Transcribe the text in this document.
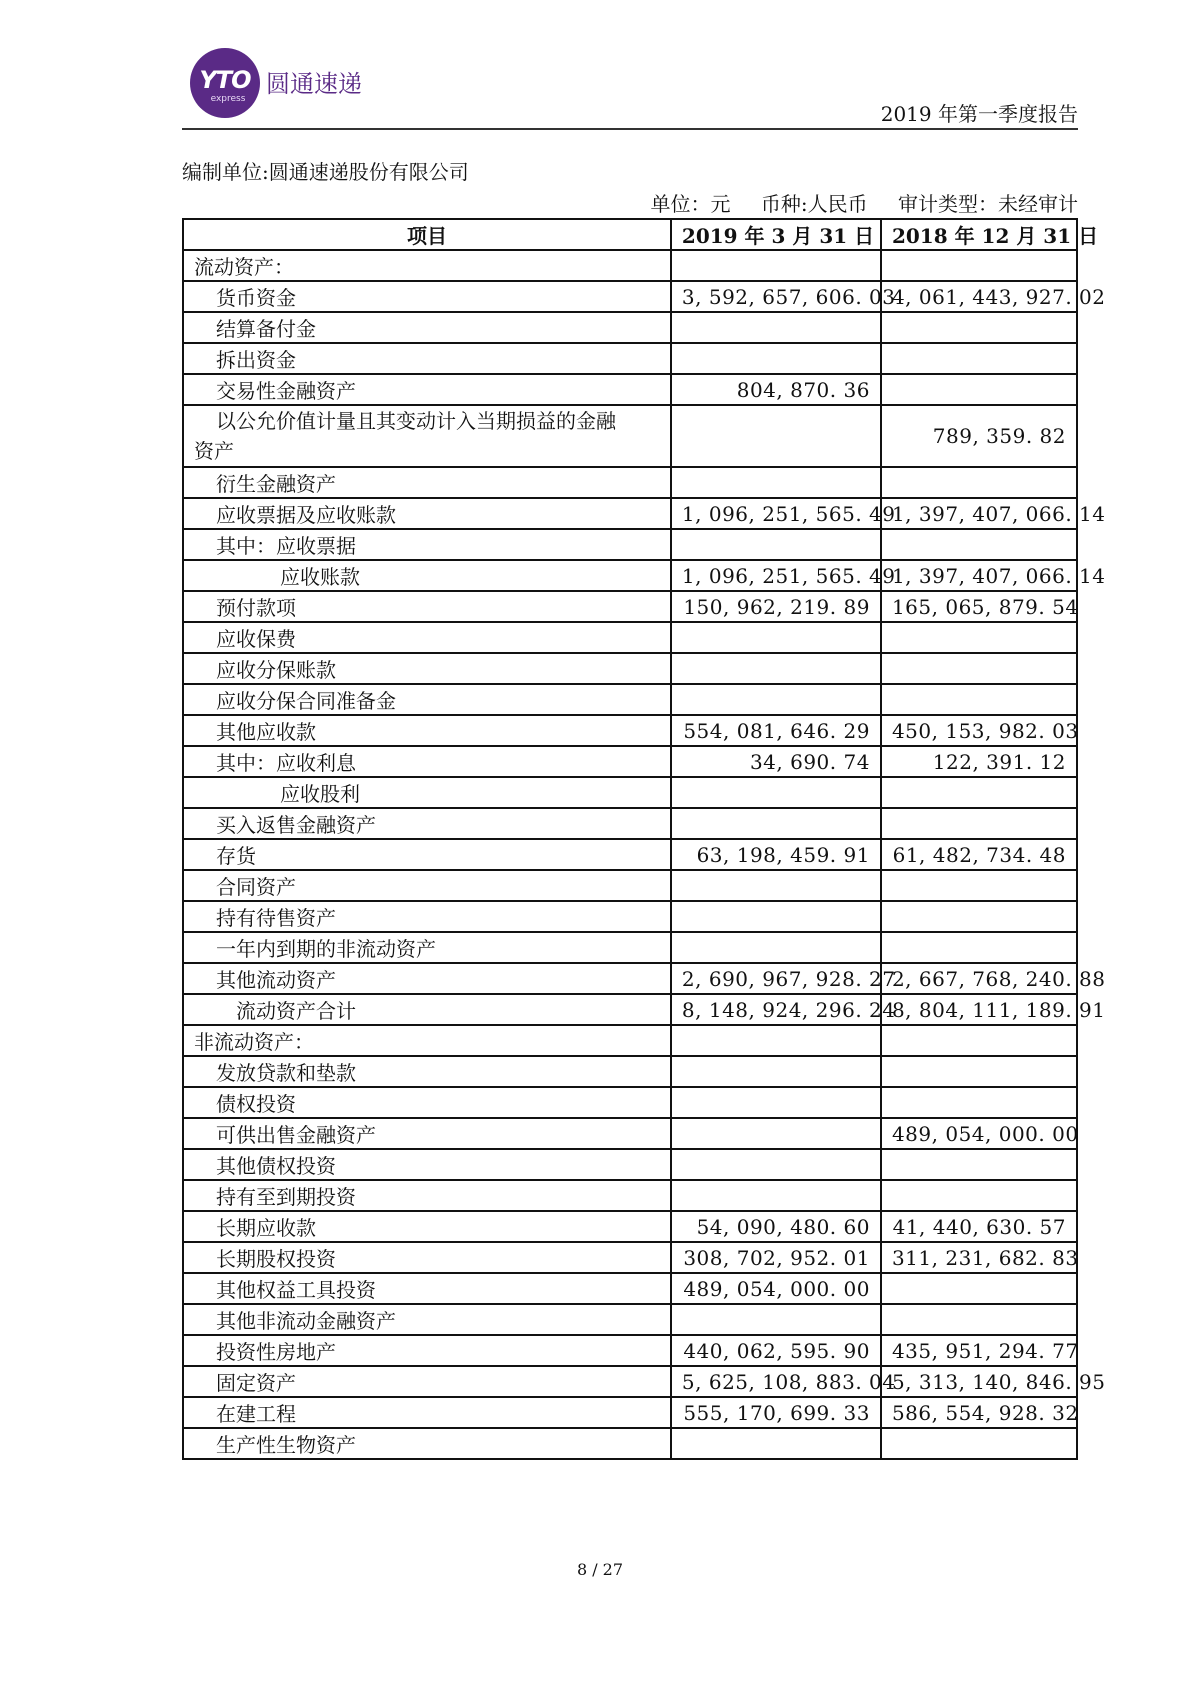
YTO
express
圆通速递
2019 年第一季度报告
编制单位:圆通速递股份有限公司
单位：元 币种:人民币 审计类型：未经审计
项目	2019 年 3 月 31 日	2018 年 12 月 31 日
流动资产：		
货币资金	3, 592, 657, 606. 03	4, 061, 443, 927. 02
结算备付金		
拆出资金		
交易性金融资产	804, 870. 36	

以公允价值计量且其变动计入当期损益的金融
资产		789, 359. 82
衍生金融资产		
应收票据及应收账款	1, 096, 251, 565. 49	1, 397, 407, 066. 14
其中：应收票据		
应收账款	1, 096, 251, 565. 49	1, 397, 407, 066. 14
预付款项	150, 962, 219. 89	165, 065, 879. 54
应收保费		
应收分保账款		
应收分保合同准备金		
其他应收款	554, 081, 646. 29	450, 153, 982. 03
其中：应收利息	34, 690. 74	122, 391. 12
应收股利		
买入返售金融资产		
存货	63, 198, 459. 91	61, 482, 734. 48
合同资产		
持有待售资产		
一年内到期的非流动资产		
其他流动资产	2, 690, 967, 928. 27	2, 667, 768, 240. 88
流动资产合计	8, 148, 924, 296. 24	8, 804, 111, 189. 91
非流动资产：		
发放贷款和垫款		
债权投资		
可供出售金融资产		489, 054, 000. 00
其他债权投资		
持有至到期投资		
长期应收款	54, 090, 480. 60	41, 440, 630. 57
长期股权投资	308, 702, 952. 01	311, 231, 682. 83
其他权益工具投资	489, 054, 000. 00	
其他非流动金融资产		
投资性房地产	440, 062, 595. 90	435, 951, 294. 77
固定资产	5, 625, 108, 883. 04	5, 313, 140, 846. 95
在建工程	555, 170, 699. 33	586, 554, 928. 32
生产性生物资产		
8 / 27
